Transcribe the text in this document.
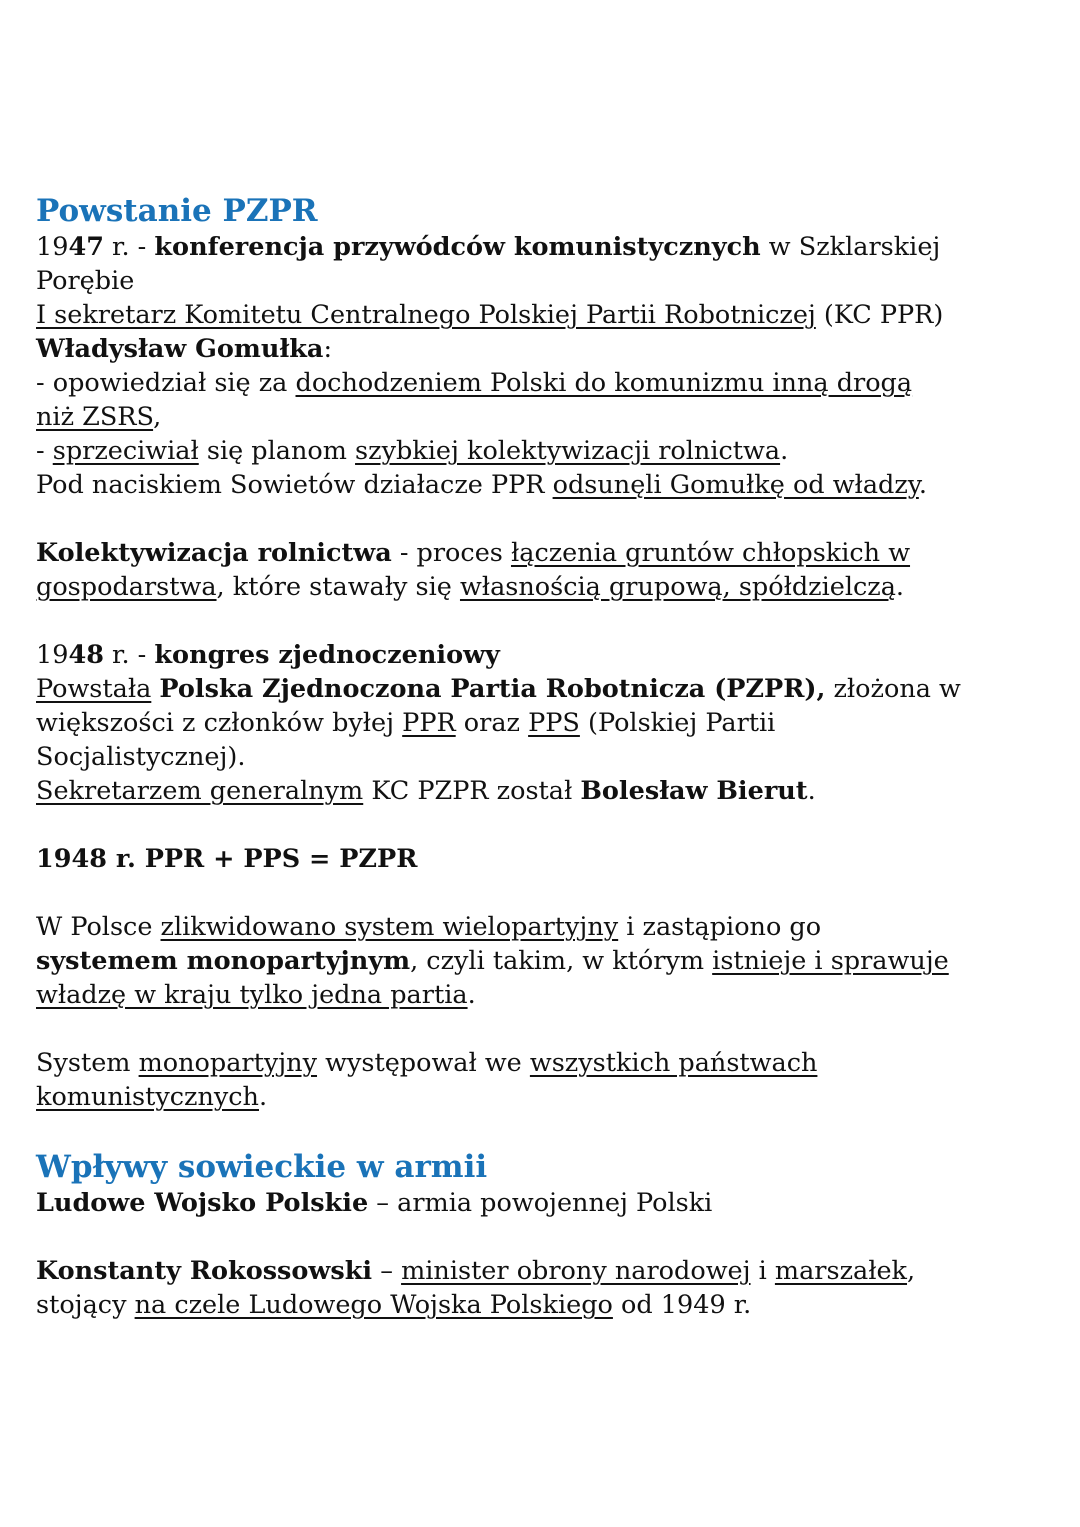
Powstanie PZPR
1947 r. - konferencja przywódców komunistycznych w Szklarskiej
Porębie
I sekretarz Komitetu Centralnego Polskiej Partii Robotniczej (KC PPR)
Władysław Gomułka:
- opowiedział się za dochodzeniem Polski do komunizmu inną drogą
niż ZSRS,
- sprzeciwiał się planom szybkiej kolektywizacji rolnictwa.
Pod naciskiem Sowietów działacze PPR odsunęli Gomułkę od władzy.
Kolektywizacja rolnictwa - proces łączenia gruntów chłopskich w
gospodarstwa, które stawały się własnością grupową, spółdzielczą.
1948 r. - kongres zjednoczeniowy
Powstała Polska Zjednoczona Partia Robotnicza (PZPR), złożona w
większości z członków byłej PPR oraz PPS (Polskiej Partii
Socjalistycznej).
Sekretarzem generalnym KC PZPR został Bolesław Bierut.
1948 r. PPR + PPS = PZPR
W Polsce zlikwidowano system wielopartyjny i zastąpiono go
systemem monopartyjnym, czyli takim, w którym istnieje i sprawuje
władzę w kraju tylko jedna partia.
System monopartyjny występował we wszystkich państwach
komunistycznych.
Wpływy sowieckie w armii
Ludowe Wojsko Polskie – armia powojennej Polski
Konstanty Rokossowski – minister obrony narodowej i marszałek,
stojący na czele Ludowego Wojska Polskiego od 1949 r.
